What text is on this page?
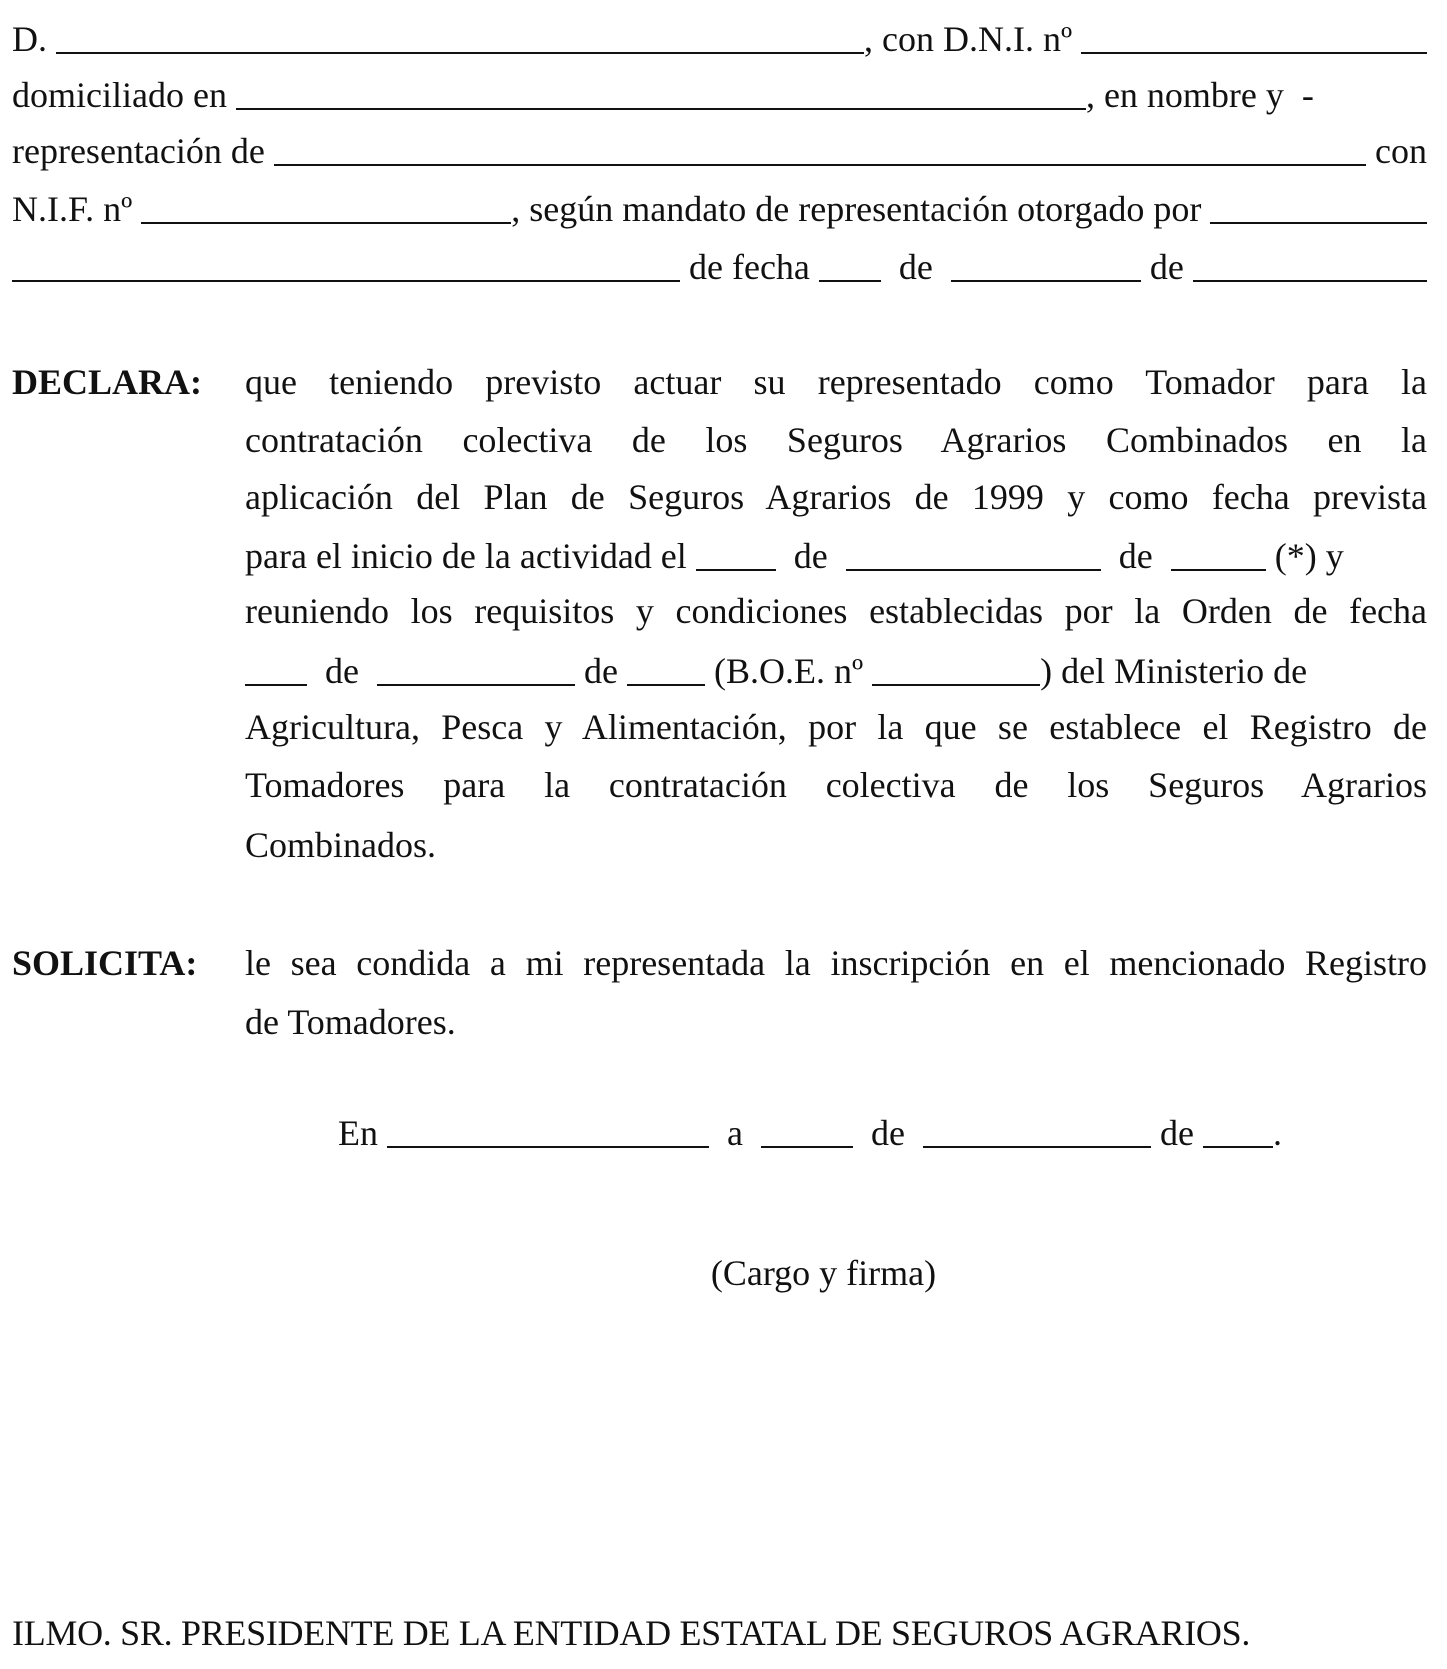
D.	, con D.N.I. nº
domiciliado en	, en nombre y  -
representación de	con
N.I.F. nº	, según mandato de representación otorgado por
de fecha de	de
DECLARA: que teniendo previsto actuar su representado como Tomador para la
contratación colectiva de los Seguros Agrarios Combinados en la
aplicación del Plan de Seguros Agrarios de 1999 y como fecha prevista
para el inicio de la actividad el de	de	(*) y
reuniendo los requisitos y condiciones establecidas por la Orden de fecha
de	de (B.O.E. nº	) del Ministerio de
Agricultura, Pesca y Alimentación, por la que se establece el Registro de
Tomadores para la contratación colectiva de los Seguros Agrarios
Combinados.
SOLICITA: le sea condida a mi representada la inscripción en el mencionado Registro
de Tomadores.
En	a	de	de .
(Cargo y firma)
ILMO. SR. PRESIDENTE DE LA ENTIDAD ESTATAL DE SEGUROS AGRARIOS.
